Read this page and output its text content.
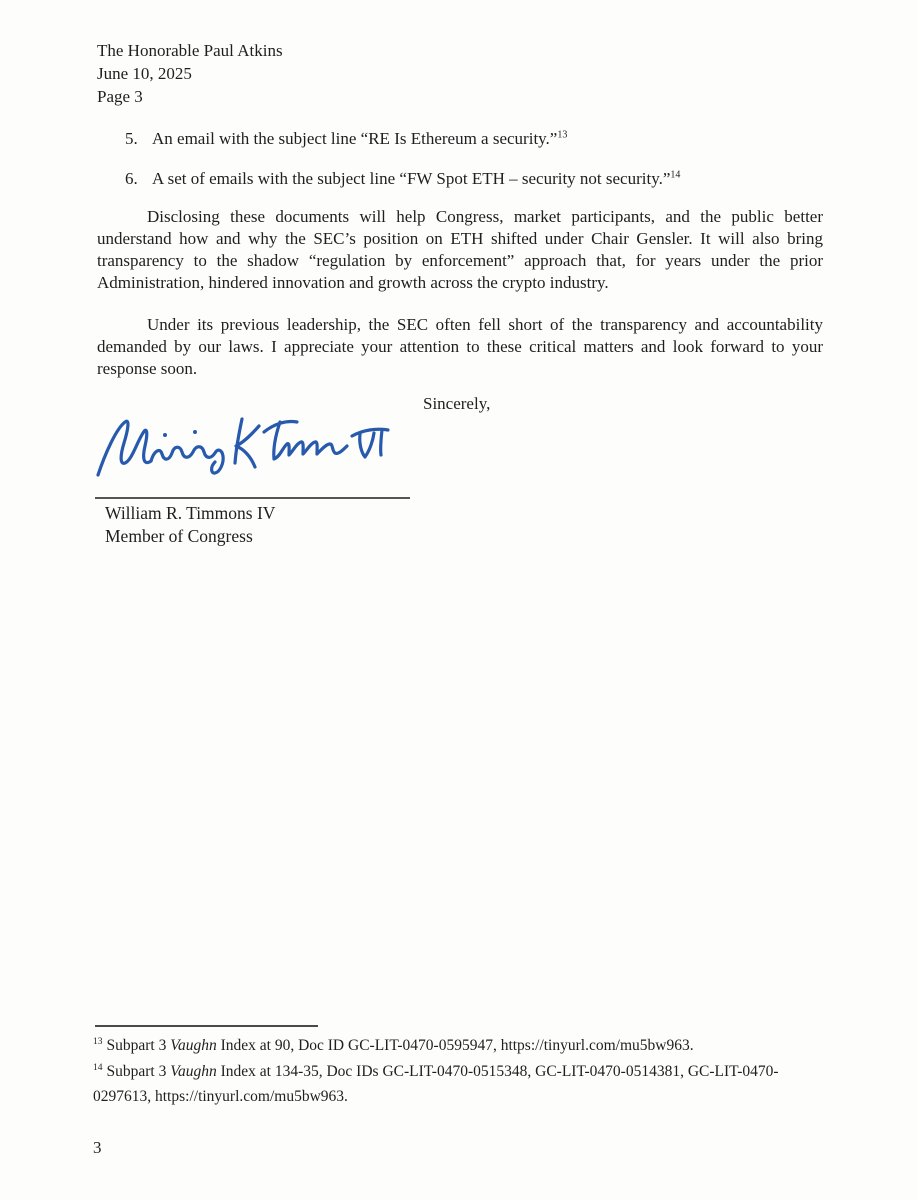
The Honorable Paul Atkins
June 10, 2025
Page 3
5. An email with the subject line “RE Is Ethereum a security.”$^{13}$
6. A set of emails with the subject line “FW Spot ETH – security not security.”$^{14}$

Disclosing these documents will help Congress, market participants, and the public better understand how and why the SEC’s position on ETH shifted under Chair Gensler. It will also bring transparency to the shadow “regulation by enforcement” approach that, for years under the prior Administration, hindered innovation and growth across the crypto industry.

Under its previous leadership, the SEC often fell short of the transparency and accountability demanded by our laws. I appreciate your attention to these critical matters and look forward to your response soon.

Sincerely,
William R. Timmons IV
Member of Congress
$^{13}$ Subpart 3 Vaughn Index at 90, Doc ID GC-LIT-0470-0595947, https://tinyurl.com/mu5bw963.
$^{14}$ Subpart 3 Vaughn Index at 134-35, Doc IDs GC-LIT-0470-0515348, GC-LIT-0470-0514381, GC-LIT-0470-0297613, https://tinyurl.com/mu5bw963.
3
